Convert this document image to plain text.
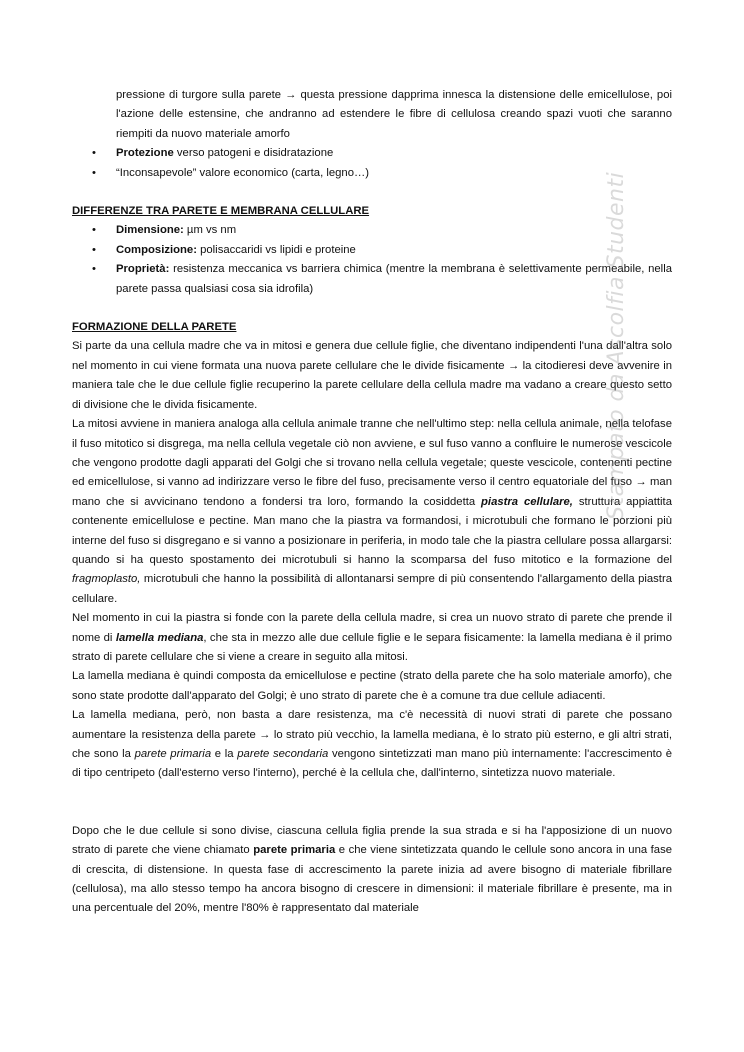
pressione di turgore sulla parete → questa pressione dapprima innesca la distensione delle emicellulose, poi l'azione delle estensine, che andranno ad estendere le fibre di cellulosa creando spazi vuoti che saranno riempiti da nuovo materiale amorfo

• Protezione verso patogeni e disidratazione
• “Inconsapevole” valore economico (carta, legno…)

DIFFERENZE TRA PARETE E MEMBRANA CELLULARE

• Dimensione: µm vs nm
• Composizione: polisaccaridi vs lipidi e proteine
• Proprietà: resistenza meccanica vs barriera chimica (mentre la membrana è selettivamente permeabile, nella parete passa qualsiasi cosa sia idrofila)

FORMAZIONE DELLA PARETE

Si parte da una cellula madre che va in mitosi e genera due cellule figlie, che diventano indipendenti l'una dall'altra solo nel momento in cui viene formata una nuova parete cellulare che le divide fisicamente → la citodieresi deve avvenire in maniera tale che le due cellule figlie recuperino la parete cellulare della cellula madre ma vadano a creare questo setto di divisione che le divida fisicamente.

La mitosi avviene in maniera analoga alla cellula animale tranne che nell'ultimo step: nella cellula animale, nella telofase il fuso mitotico si disgrega, ma nella cellula vegetale ciò non avviene, e sul fuso vanno a confluire le numerose vescicole che vengono prodotte dagli apparati del Golgi che si trovano nella cellula vegetale; queste vescicole, contenenti pectine ed emicellulose, si vanno ad indirizzare verso le fibre del fuso, precisamente verso il centro equatoriale del fuso → man mano che si avvicinano tendono a fondersi tra loro, formando la cosiddetta piastra cellulare, struttura appiattita contenente emicellulose e pectine. Man mano che la piastra va formandosi, i microtubuli che formano le porzioni più interne del fuso si disgregano e si vanno a posizionare in periferia, in modo tale che la piastra cellulare possa allargarsi: quando si ha questo spostamento dei microtubuli si hanno la scomparsa del fuso mitotico e la formazione del fragmoplasto, microtubuli che hanno la possibilità di allontanarsi sempre di più consentendo l'allargamento della piastra cellulare.

Nel momento in cui la piastra si fonde con la parete della cellula madre, si crea un nuovo strato di parete che prende il nome di lamella mediana, che sta in mezzo alle due cellule figlie e le separa fisicamente: la lamella mediana è il primo strato di parete cellulare che si viene a creare in seguito alla mitosi.

La lamella mediana è quindi composta da emicellulose e pectine (strato della parete che ha solo materiale amorfo), che sono state prodotte dall'apparato del Golgi; è uno strato di parete che è a comune tra due cellule adiacenti.

La lamella mediana, però, non basta a dare resistenza, ma c'è necessità di nuovi strati di parete che possano aumentare la resistenza della parete → lo strato più vecchio, la lamella mediana, è lo strato più esterno, e gli altri strati, che sono la parete primaria e la parete secondaria vengono sintetizzati man mano più internamente: l'accrescimento è di tipo centripeto (dall'esterno verso l'interno), perché è la cellula che, dall'interno, sintetizza nuovo materiale.

Dopo che le due cellule si sono divise, ciascuna cellula figlia prende la sua strada e si ha l'apposizione di un nuovo strato di parete che viene chiamato parete primaria e che viene sintetizzata quando le cellule sono ancora in una fase di crescita, di distensione. In questa fase di accrescimento la parete inizia ad avere bisogno di materiale fibrillare (cellulosa), ma allo stesso tempo ha ancora bisogno di crescere in dimensioni: il materiale fibrillare è presente, ma in una percentuale del 20%, mentre l'80% è rappresentato dal materiale

Stampato da Ascolfia Studenti
